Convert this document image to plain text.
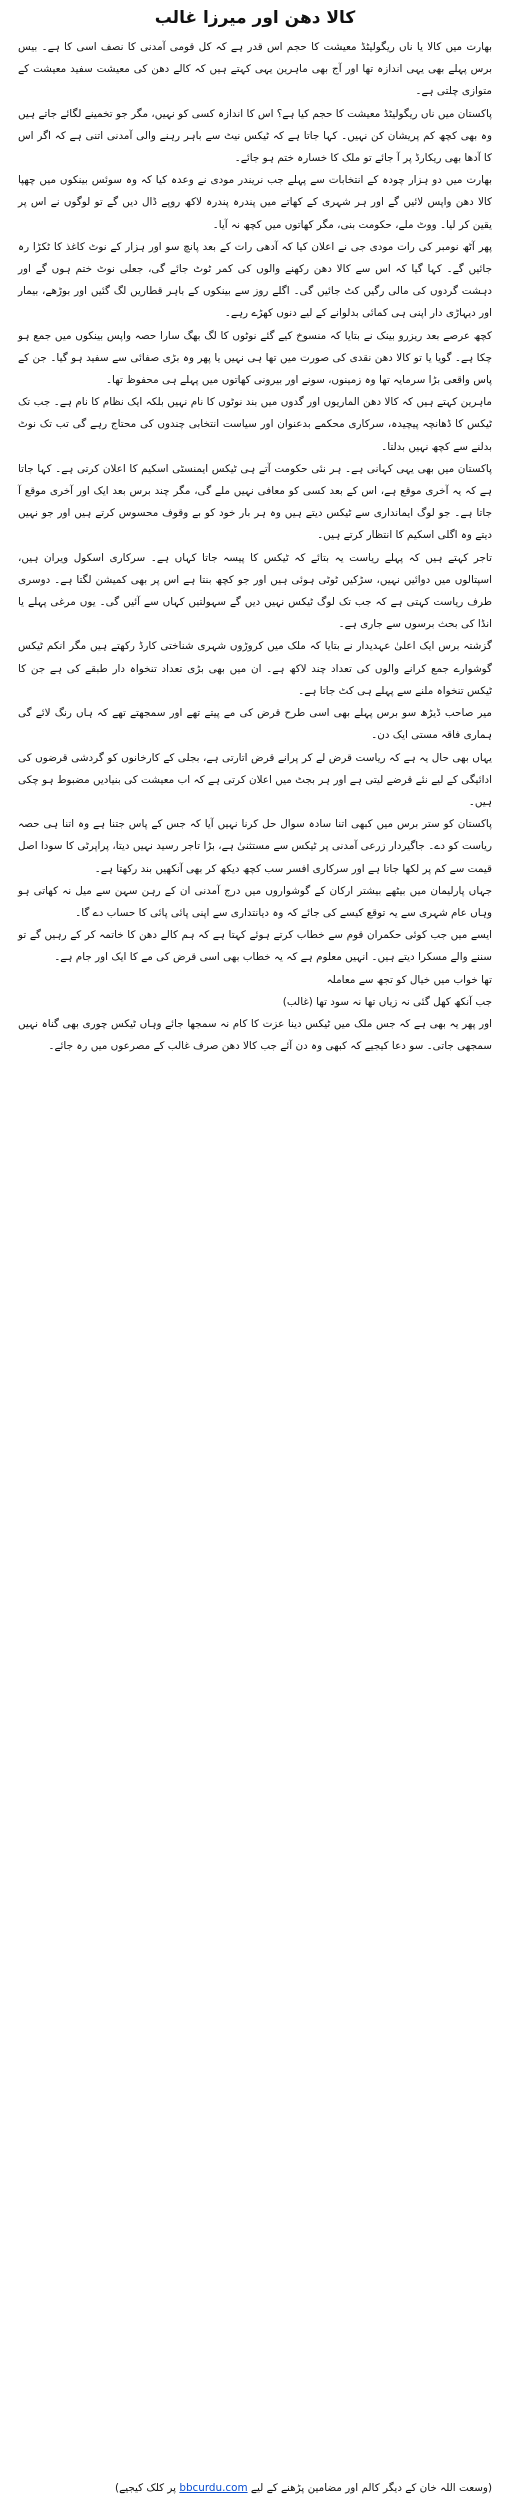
کالا دھن اور میرزا غالب

بھارت میں کالا یا ناں ریگولیٹڈ معیشت کا حجم اس قدر ہے کہ کل قومی آمدنی کا نصف اسی کا ہے۔ بیس برس پہلے بھی یہی اندازہ تھا اور آج بھی ماہرین یہی کہتے ہیں کہ کالے دھن کی معیشت سفید معیشت کے متوازی چلتی ہے۔

پاکستان میں ناں ریگولیٹڈ معیشت کا حجم کیا ہے؟ اس کا اندازہ کسی کو نہیں، مگر جو تخمینے لگائے جاتے ہیں وہ بھی کچھ کم پریشان کن نہیں۔ کہا جاتا ہے کہ ٹیکس نیٹ سے باہر رہنے والی آمدنی اتنی ہے کہ اگر اس کا آدھا بھی ریکارڈ پر آ جائے تو ملک کا خسارہ ختم ہو جائے۔

بھارت میں دو ہزار چودہ کے انتخابات سے پہلے جب نریندر مودی نے وعدہ کیا کہ وہ سوئس بینکوں میں چھپا کالا دھن واپس لائیں گے اور ہر شہری کے کھاتے میں پندرہ پندرہ لاکھ روپے ڈال دیں گے تو لوگوں نے اس پر یقین کر لیا۔ ووٹ ملے، حکومت بنی، مگر کھاتوں میں کچھ نہ آیا۔

پھر آٹھ نومبر کی رات مودی جی نے اعلان کیا کہ آدھی رات کے بعد پانچ سو اور ہزار کے نوٹ کاغذ کا ٹکڑا رہ جائیں گے۔ کہا گیا کہ اس سے کالا دھن رکھنے والوں کی کمر ٹوٹ جائے گی، جعلی نوٹ ختم ہوں گے اور دہشت گردوں کی مالی رگیں کٹ جائیں گی۔ اگلے روز سے بینکوں کے باہر قطاریں لگ گئیں اور بوڑھے، بیمار اور دیہاڑی دار اپنی ہی کمائی بدلوانے کے لیے دنوں کھڑے رہے۔

کچھ عرصے بعد ریزرو بینک نے بتایا کہ منسوخ کیے گئے نوٹوں کا لگ بھگ سارا حصہ واپس بینکوں میں جمع ہو چکا ہے۔ گویا یا تو کالا دھن نقدی کی صورت میں تھا ہی نہیں یا پھر وہ بڑی صفائی سے سفید ہو گیا۔ جن کے پاس واقعی بڑا سرمایہ تھا وہ زمینوں، سونے اور بیرونی کھاتوں میں پہلے ہی محفوظ تھا۔

ماہرین کہتے ہیں کہ کالا دھن الماریوں اور گدوں میں بند نوٹوں کا نام نہیں بلکہ ایک نظام کا نام ہے۔ جب تک ٹیکس کا ڈھانچہ پیچیدہ، سرکاری محکمے بدعنوان اور سیاست انتخابی چندوں کی محتاج رہے گی تب تک نوٹ بدلنے سے کچھ نہیں بدلتا۔

پاکستان میں بھی یہی کہانی ہے۔ ہر نئی حکومت آتے ہی ٹیکس ایمنسٹی اسکیم کا اعلان کرتی ہے۔ کہا جاتا ہے کہ یہ آخری موقع ہے، اس کے بعد کسی کو معافی نہیں ملے گی، مگر چند برس بعد ایک اور آخری موقع آ جاتا ہے۔ جو لوگ ایمانداری سے ٹیکس دیتے ہیں وہ ہر بار خود کو بے وقوف محسوس کرتے ہیں اور جو نہیں دیتے وہ اگلی اسکیم کا انتظار کرتے ہیں۔

تاجر کہتے ہیں کہ پہلے ریاست یہ بتائے کہ ٹیکس کا پیسہ جاتا کہاں ہے۔ سرکاری اسکول ویران ہیں، اسپتالوں میں دوائیں نہیں، سڑکیں ٹوٹی ہوئی ہیں اور جو کچھ بنتا ہے اس پر بھی کمیشن لگتا ہے۔ دوسری طرف ریاست کہتی ہے کہ جب تک لوگ ٹیکس نہیں دیں گے سہولتیں کہاں سے آئیں گی۔ یوں مرغی پہلے یا انڈا کی بحث برسوں سے جاری ہے۔

گزشتہ برس ایک اعلیٰ عہدیدار نے بتایا کہ ملک میں کروڑوں شہری شناختی کارڈ رکھتے ہیں مگر انکم ٹیکس گوشوارے جمع کرانے والوں کی تعداد چند لاکھ ہے۔ ان میں بھی بڑی تعداد تنخواہ دار طبقے کی ہے جن کا ٹیکس تنخواہ ملنے سے پہلے ہی کٹ جاتا ہے۔

میر صاحب ڈیڑھ سو برس پہلے بھی اسی طرح قرض کی مے پیتے تھے اور سمجھتے تھے کہ ہاں رنگ لائے گی ہماری فاقہ مستی ایک دن۔

یہاں بھی حال یہ ہے کہ ریاست قرض لے کر پرانے قرض اتارتی ہے، بجلی کے کارخانوں کو گردشی قرضوں کی ادائیگی کے لیے نئے قرضے لیتی ہے اور ہر بجٹ میں اعلان کرتی ہے کہ اب معیشت کی بنیادیں مضبوط ہو چکی ہیں۔

پاکستان کو ستر برس میں کبھی اتنا سادہ سوال حل کرنا نہیں آیا کہ جس کے پاس جتنا ہے وہ اتنا ہی حصہ ریاست کو دے۔ جاگیردار زرعی آمدنی پر ٹیکس سے مستثنیٰ ہے، بڑا تاجر رسید نہیں دیتا، پراپرٹی کا سودا اصل قیمت سے کم پر لکھا جاتا ہے اور سرکاری افسر سب کچھ دیکھ کر بھی آنکھیں بند رکھتا ہے۔

جہاں پارلیمان میں بیٹھے بیشتر ارکان کے گوشواروں میں درج آمدنی ان کے رہن سہن سے میل نہ کھاتی ہو وہاں عام شہری سے یہ توقع کیسے کی جائے کہ وہ دیانتداری سے اپنی پائی پائی کا حساب دے گا۔

ایسے میں جب کوئی حکمران قوم سے خطاب کرتے ہوئے کہتا ہے کہ ہم کالے دھن کا خاتمہ کر کے رہیں گے تو سننے والے مسکرا دیتے ہیں۔ انہیں معلوم ہے کہ یہ خطاب بھی اسی قرض کی مے کا ایک اور جام ہے۔

تھا خواب میں خیال کو تجھ سے معاملہ

جب آنکھ کھل گئی نہ زیاں تھا نہ سود تھا (غالب)

اور پھر یہ بھی ہے کہ جس ملک میں ٹیکس دینا عزت کا کام نہ سمجھا جائے وہاں ٹیکس چوری بھی گناہ نہیں سمجھی جاتی۔ سو دعا کیجیے کہ کبھی وہ دن آئے جب کالا دھن صرف غالب کے مصرعوں میں رہ جائے۔

(وسعت اللہ خان کے دیگر کالم اور مضامین پڑھنے کے لیے bbcurdu.com پر کلک کیجیے)
